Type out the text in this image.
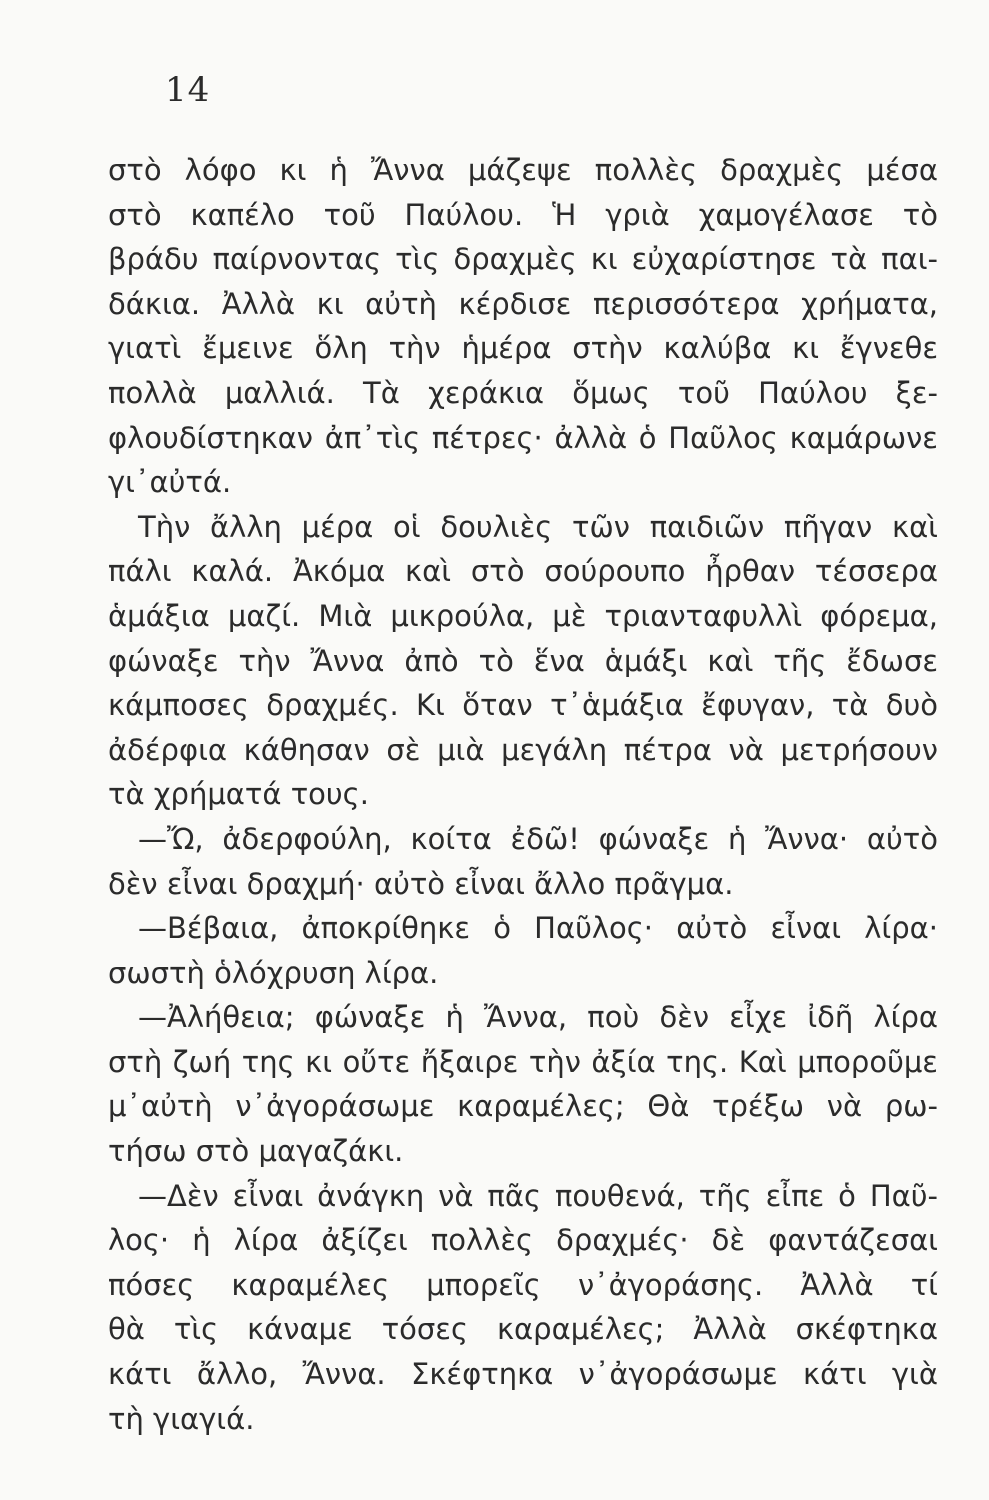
14
στὸ λόφο κι ἡ Ἄννα μάζεψε πολλὲς δραχμὲς μέσα
στὸ καπέλο τοῦ Παύλου. Ἡ γριὰ χαμογέλασε τὸ
βράδυ παίρνοντας τὶς δραχμὲς κι εὐχαρίστησε τὰ παι-
δάκια. Ἀλλὰ κι αὐτὴ κέρδισε περισσότερα χρήματα,
γιατὶ ἔμεινε ὅλη τὴν ἡμέρα στὴν καλύβα κι ἔγνεθε
πολλὰ μαλλιά. Τὰ χεράκια ὅμως τοῦ Παύλου ξε-
φλουδίστηκαν ἀπ᾽τὶς πέτρες· ἀλλὰ ὁ Παῦλος καμάρωνε
γι᾽αὐτά.
Τὴν ἄλλη μέρα οἱ δουλιὲς τῶν παιδιῶν πῆγαν καὶ
πάλι καλά. Ἀκόμα καὶ στὸ σούρουπο ἦρθαν τέσσερα
ἁμάξια μαζί. Μιὰ μικρούλα, μὲ τριανταφυλλὶ φόρεμα,
φώναξε τὴν Ἄννα ἀπὸ τὸ ἕνα ἁμάξι καὶ τῆς ἔδωσε
κάμποσες δραχμές. Κι ὅταν τ᾽ἁμάξια ἔφυγαν, τὰ δυὸ
ἀδέρφια κάθησαν σὲ μιὰ μεγάλη πέτρα νὰ μετρήσουν
τὰ χρήματά τους.
—Ὤ, ἀδερφούλη, κοίτα ἐδῶ! φώναξε ἡ Ἄννα· αὐτὸ
δὲν εἶναι δραχμή· αὐτὸ εἶναι ἄλλο πρᾶγμα.
—Βέβαια, ἀποκρίθηκε ὁ Παῦλος· αὐτὸ εἶναι λίρα·
σωστὴ ὁλόχρυση λίρα.
—Ἀλήθεια; φώναξε ἡ Ἄννα, ποὺ δὲν εἶχε ἰδῆ λίρα
στὴ ζωή της κι οὔτε ἤξαιρε τὴν ἀξία της. Καὶ μποροῦμε
μ᾽αὐτὴ ν᾽ἀγοράσωμε καραμέλες; Θὰ τρέξω νὰ ρω-
τήσω στὸ μαγαζάκι.
—Δὲν εἶναι ἀνάγκη νὰ πᾶς πουθενά, τῆς εἶπε ὁ Παῦ-
λος· ἡ λίρα ἀξίζει πολλὲς δραχμές· δὲ φαντάζεσαι
πόσες καραμέλες μπορεῖς ν᾽ἀγοράσης. Ἀλλὰ τί
θὰ τὶς κάναμε τόσες καραμέλες; Ἀλλὰ σκέφτηκα
κάτι ἄλλο, Ἄννα. Σκέφτηκα ν᾽ἀγοράσωμε κάτι γιὰ
τὴ γιαγιά.
